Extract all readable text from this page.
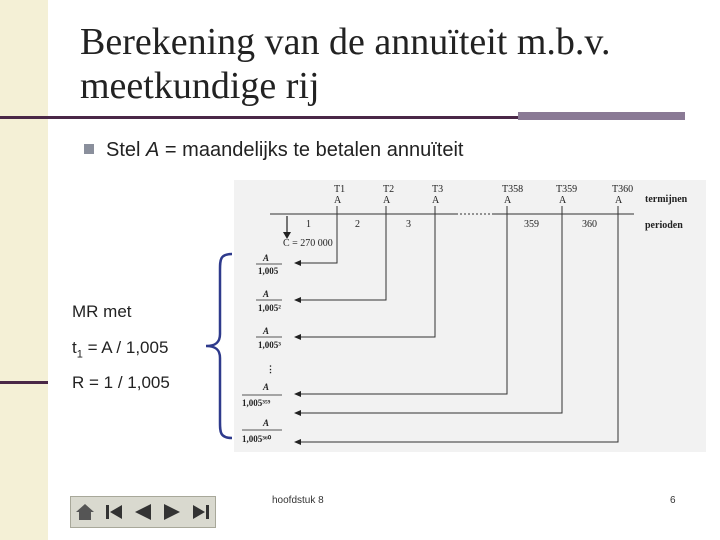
Berekening van de annuïteit m.b.v. meetkundige rij
Stel A = maandelijks te betalen annuïteit
T1	T2	T3	T358	T359	T360
A	A	A	A	A	A termijnen
perioden
1	2	3	359	360
C = 270 000
A
1,005
A
1,005²
A
1,005³
⋮
A
1,005³⁵⁹
A
1,005³⁶⁰
MR met
$t_1 = A / 1,005$
R = 1 / 1,005
hoofdstuk 8	6
